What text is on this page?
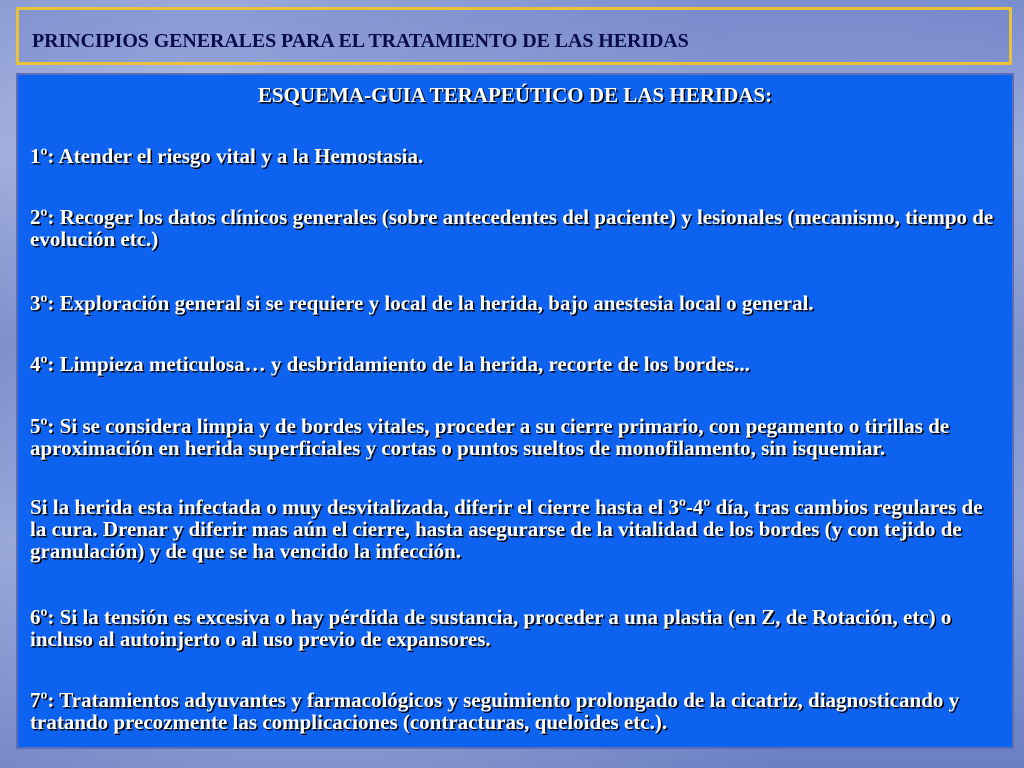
PRINCIPIOS GENERALES PARA EL TRATAMIENTO DE LAS HERIDAS

ESQUEMA-GUIA TERAPEÚTICO DE LAS HERIDAS:

1º: Atender el riesgo vital y a la Hemostasia.

2º: Recoger los datos clínicos generales (sobre antecedentes del paciente) y lesionales (mecanismo, tiempo de evolución etc.)

3º: Exploración general si se requiere y local de la herida, bajo anestesia local o general.

4º: Limpieza meticulosa… y desbridamiento de la herida, recorte de los bordes...

5º: Si se considera limpia y de bordes vitales, proceder a su cierre primario, con pegamento o tirillas de aproximación en herida superficiales y cortas o puntos sueltos de monofilamento, sin isquemiar.

Si la herida esta infectada o muy desvitalizada, diferir el cierre hasta el 3º-4º día, tras cambios regulares de la cura. Drenar y diferir mas aún el cierre, hasta asegurarse de la vitalidad de los bordes (y con tejido de granulación) y de que se ha vencido la infección.

6º: Si la tensión es excesiva o hay pérdida de sustancia, proceder a una plastia (en Z, de Rotación, etc) o incluso al autoinjerto o al uso previo de expansores.

7º: Tratamientos adyuvantes y farmacológicos y seguimiento prolongado de la cicatriz, diagnosticando y tratando precozmente las complicaciones (contracturas, queloides etc.).
